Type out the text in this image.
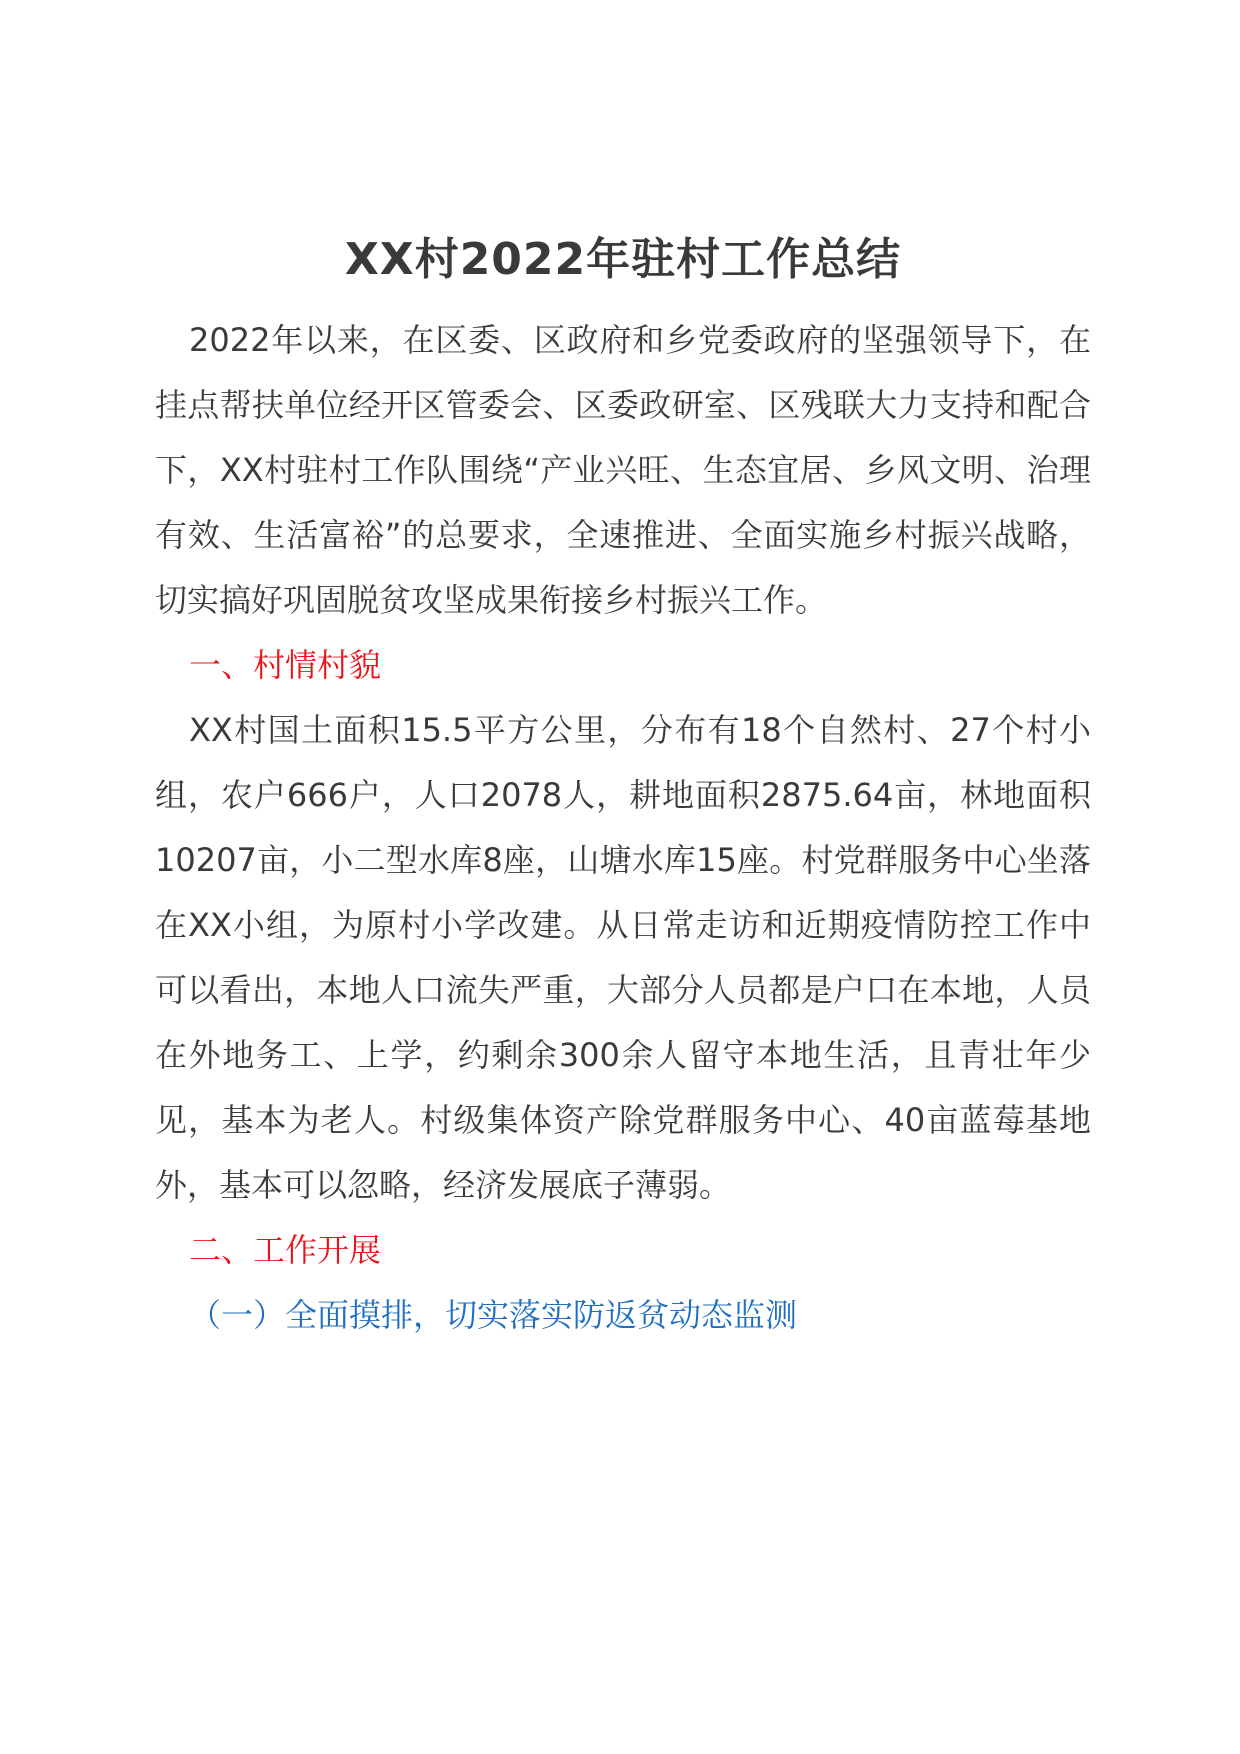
XX村2022年驻村工作总结

2022年以来，在区委、区政府和乡党委政府的坚强领导下，在挂点帮扶单位经开区管委会、区委政研室、区残联大力支持和配合下，XX村驻村工作队围绕“产业兴旺、生态宜居、乡风文明、治理有效、生活富裕”的总要求，全速推进、全面实施乡村振兴战略，切实搞好巩固脱贫攻坚成果衔接乡村振兴工作。

一、村情村貌

XX村国土面积15.5平方公里，分布有18个自然村、27个村小组，农户666户，人口2078人，耕地面积2875.64亩，林地面积10207亩，小二型水库8座，山塘水库15座。村党群服务中心坐落在XX小组，为原村小学改建。从日常走访和近期疫情防控工作中可以看出，本地人口流失严重，大部分人员都是户口在本地，人员在外地务工、上学，约剩余300余人留守本地生活，且青壮年少见，基本为老人。村级集体资产除党群服务中心、40亩蓝莓基地外，基本可以忽略，经济发展底子薄弱。

二、工作开展
（一）全面摸排，切实落实防返贫动态监测
